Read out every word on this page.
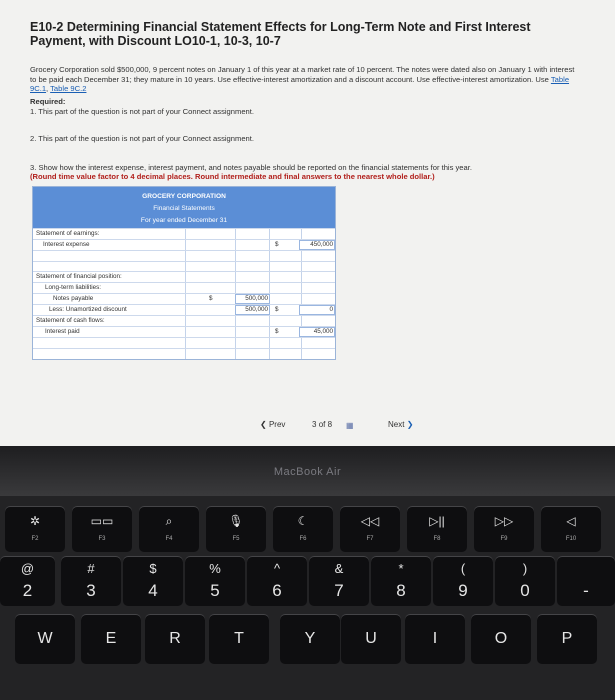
E10-2 Determining Financial Statement Effects for Long-Term Note and First Interest Payment, with Discount LO10-1, 10-3, 10-7
Grocery Corporation sold $500,000, 9 percent notes on January 1 of this year at a market rate of 10 percent. The notes were dated also on January 1 with interest to be paid each December 31; they mature in 10 years. Use effective-interest amortization and a discount account. Use effective-interest amortization. Use Table 9C.1, Table 9C.2
Required:
1. This part of the question is not part of your Connect assignment.
2. This part of the question is not part of your Connect assignment.
3. Show how the interest expense, interest payment, and notes payable should be reported on the financial statements for this year.
(Round time value factor to 4 decimal places. Round intermediate and final answers to the nearest whole dollar.)
GROCERY CORPORATION
Financial Statements
For year ended December 31
Statement of earnings:
Interest expense	$	450,000
Statement of financial position:
Long-term liabilities:
Notes payable	$	500,000
Less: Unamortized discount	500,000 $	0
Statement of cash flows:
Interest paid	$	45,000
❮ Prev	3 of 8 ▦	Next ❯
MacBook Air
✲
F2
▭▭
F3
⌕
F4
🎙
F5
☾
F6
◁◁
F7
▷||
F8
▷▷
F9
◁
F10
@
2
#
3
$
4
%
5
^
6
&
7
*
8
(
9
)
0	-
W	E	R	T	Y	U	I	O	P
